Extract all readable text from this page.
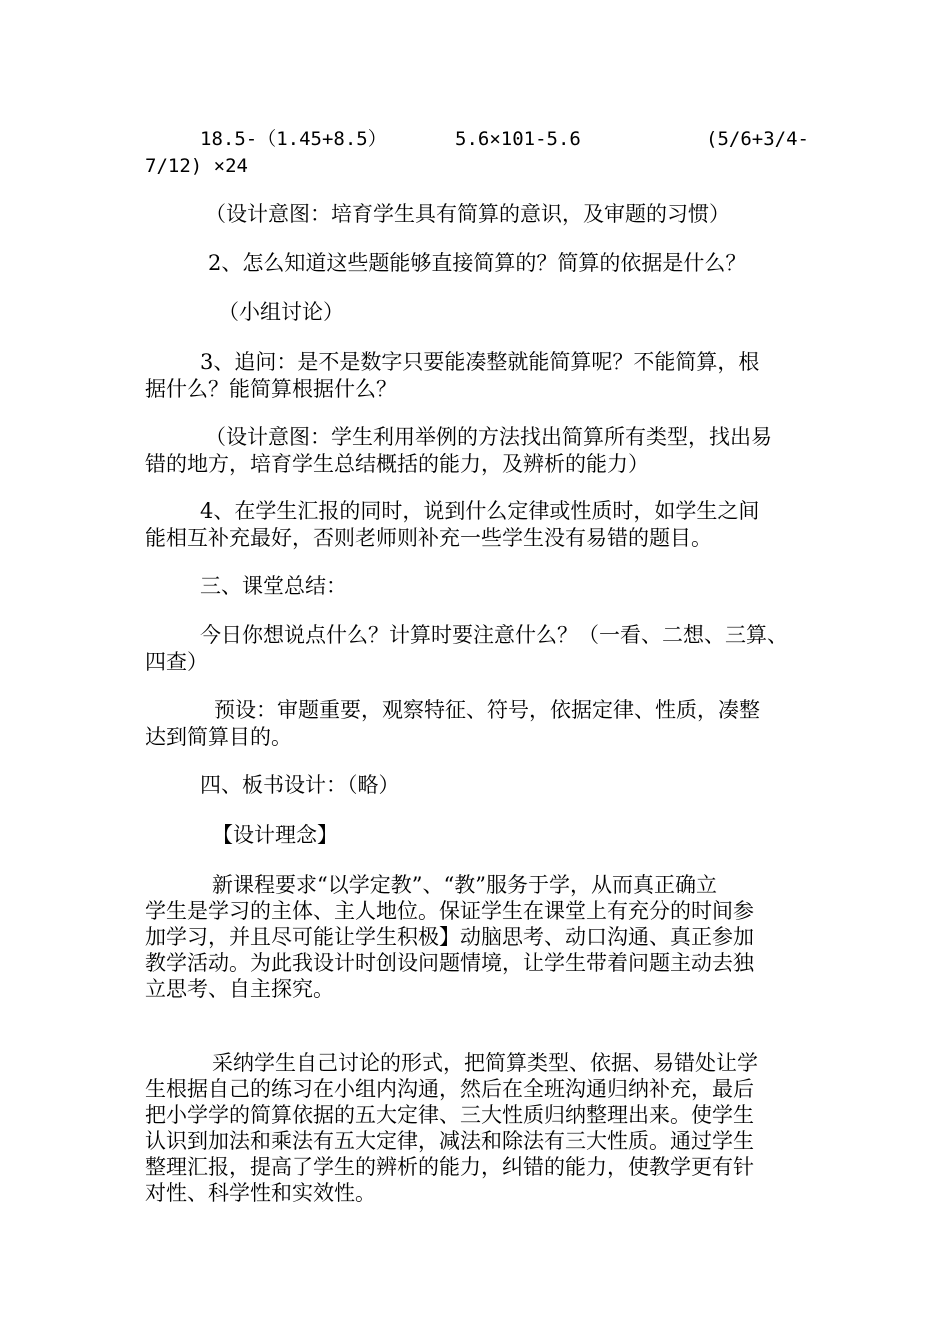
18.5-（1.45+8.5）	5.6×101-5.6	(5/6+3/4-
7/12) ×24
（设计意图：培育学生具有简算的意识，及审题的习惯）
2、怎么知道这些题能够直接简算的？简算的依据是什么？
（小组讨论）
3、追问：是不是数字只要能凑整就能简算呢？不能简算，根
据什么？能简算根据什么？
（设计意图：学生利用举例的方法找出简算所有类型，找出易
错的地方，培育学生总结概括的能力，及辨析的能力）
4、在学生汇报的同时，说到什么定律或性质时，如学生之间
能相互补充最好，否则老师则补充一些学生没有易错的题目。
三、课堂总结：
今日你想说点什么？计算时要注意什么？（一看、二想、三算、
四查）
预设：审题重要，观察特征、符号，依据定律、性质，凑整
达到简算目的。
四、板书设计：（略）
【设计理念】
新课程要求“以学定教”、“教”服务于学，从而真正确立
学生是学习的主体、主人地位。保证学生在课堂上有充分的时间参
加学习，并且尽可能让学生积极】动脑思考、动口沟通、真正参加
教学活动。为此我设计时创设问题情境，让学生带着问题主动去独
立思考、自主探究。
采纳学生自己讨论的形式，把简算类型、依据、易错处让学
生根据自己的练习在小组内沟通，然后在全班沟通归纳补充，最后
把小学学的简算依据的五大定律、三大性质归纳整理出来。使学生
认识到加法和乘法有五大定律，减法和除法有三大性质。通过学生
整理汇报，提高了学生的辨析的能力，纠错的能力，使教学更有针
对性、科学性和实效性。
